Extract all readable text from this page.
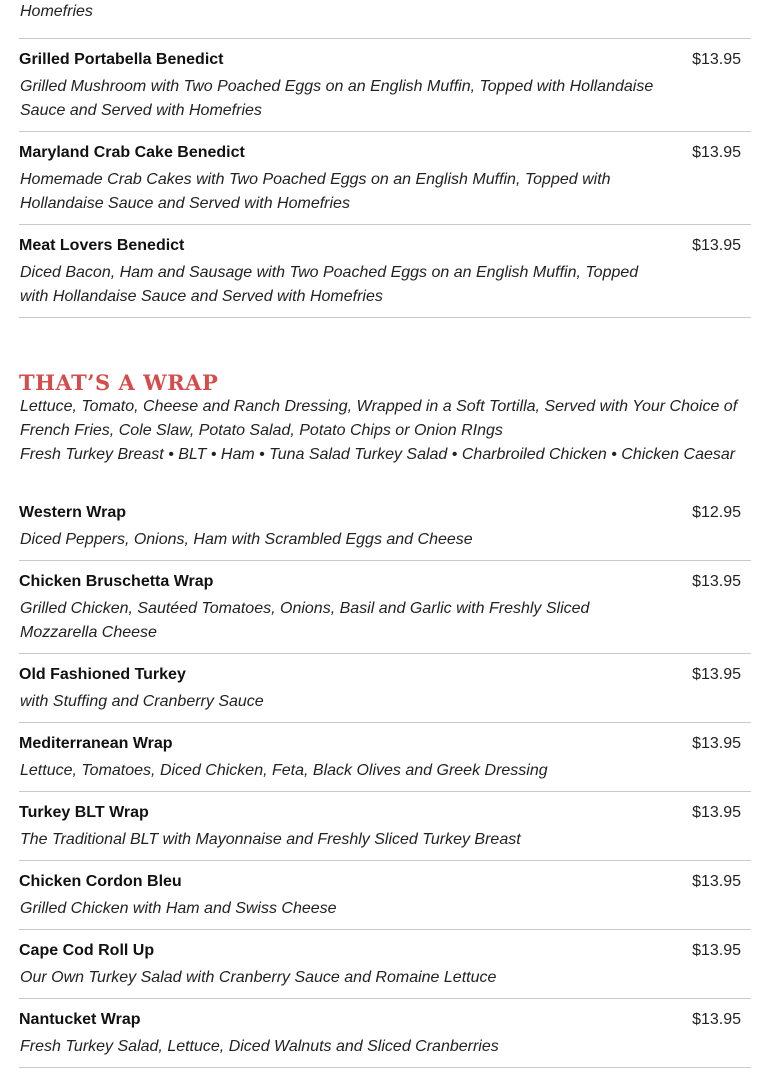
Homefries
Grilled Portabella Benedict	$13.95
Grilled Mushroom with Two Poached Eggs on an English Muffin, Topped with Hollandaise Sauce and Served with Homefries
Maryland Crab Cake Benedict	$13.95
Homemade Crab Cakes with Two Poached Eggs on an English Muffin, Topped with Hollandaise Sauce and Served with Homefries
Meat Lovers Benedict	$13.95
Diced Bacon, Ham and Sausage with Two Poached Eggs on an English Muffin, Topped with Hollandaise Sauce and Served with Homefries
THAT’S A WRAP
Lettuce, Tomato, Cheese and Ranch Dressing, Wrapped in a Soft Tortilla, Served with Your Choice of French Fries, Cole Slaw, Potato Salad, Potato Chips or Onion RIngs
Fresh Turkey Breast • BLT • Ham • Tuna Salad Turkey Salad • Charbroiled Chicken • Chicken Caesar
Western Wrap	$12.95
Diced Peppers, Onions, Ham with Scrambled Eggs and Cheese
Chicken Bruschetta Wrap	$13.95
Grilled Chicken, Sautéed Tomatoes, Onions, Basil and Garlic with Freshly Sliced Mozzarella Cheese
Old Fashioned Turkey	$13.95
with Stuffing and Cranberry Sauce
Mediterranean Wrap	$13.95
Lettuce, Tomatoes, Diced Chicken, Feta, Black Olives and Greek Dressing
Turkey BLT Wrap	$13.95
The Traditional BLT with Mayonnaise and Freshly Sliced Turkey Breast
Chicken Cordon Bleu	$13.95
Grilled Chicken with Ham and Swiss Cheese
Cape Cod Roll Up	$13.95
Our Own Turkey Salad with Cranberry Sauce and Romaine Lettuce
Nantucket Wrap	$13.95
Fresh Turkey Salad, Lettuce, Diced Walnuts and Sliced Cranberries
